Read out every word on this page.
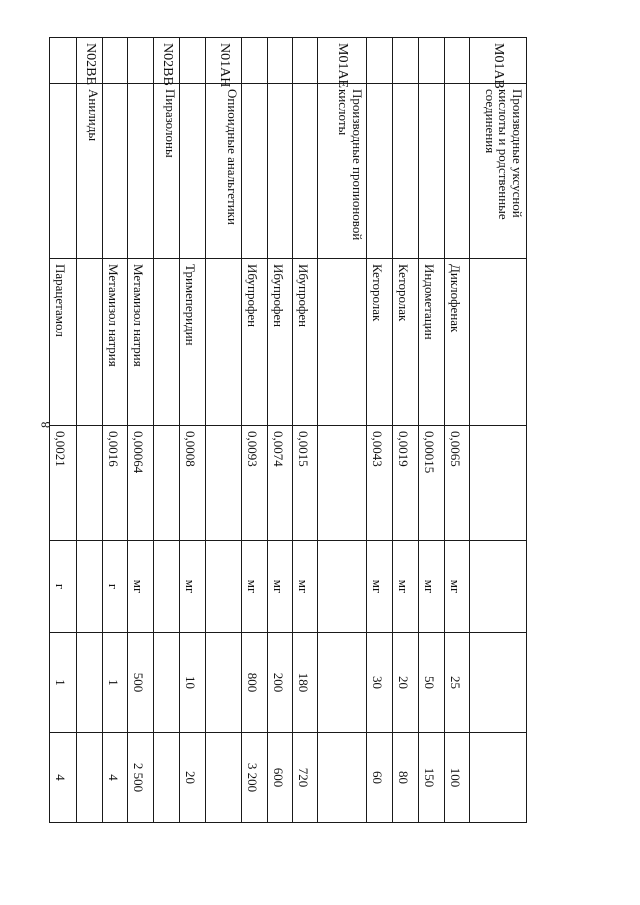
8
M01AB	Производные уксусной кислоты и родственные соединения					
		Диклофенак	0,0065	мг	25	100
		Индометацин	0,00015	мг	50	150
		Кеторолак	0,0019	мг	20	80
		Кеторолак	0,0043	мг	30	60
M01AE	Производные пропионовой кислоты					
		Ибупрофен	0,0015	мг	180	720
		Ибупрофен	0,0074	мг	200	600
		Ибупрофен	0,0093	мг	800	3 200
N01AH	Опиоидные анальгетики					
		Тримеперидин	0,0008	мг	10	20
N02BB	Пиразолоны					
		Метамизол натрия	0,00064	мг	500	2 500
		Метамизол натрия	0,0016	г	1	4
N02BE	Анилиды					
		Парацетамол	0,0021	г	1	4
